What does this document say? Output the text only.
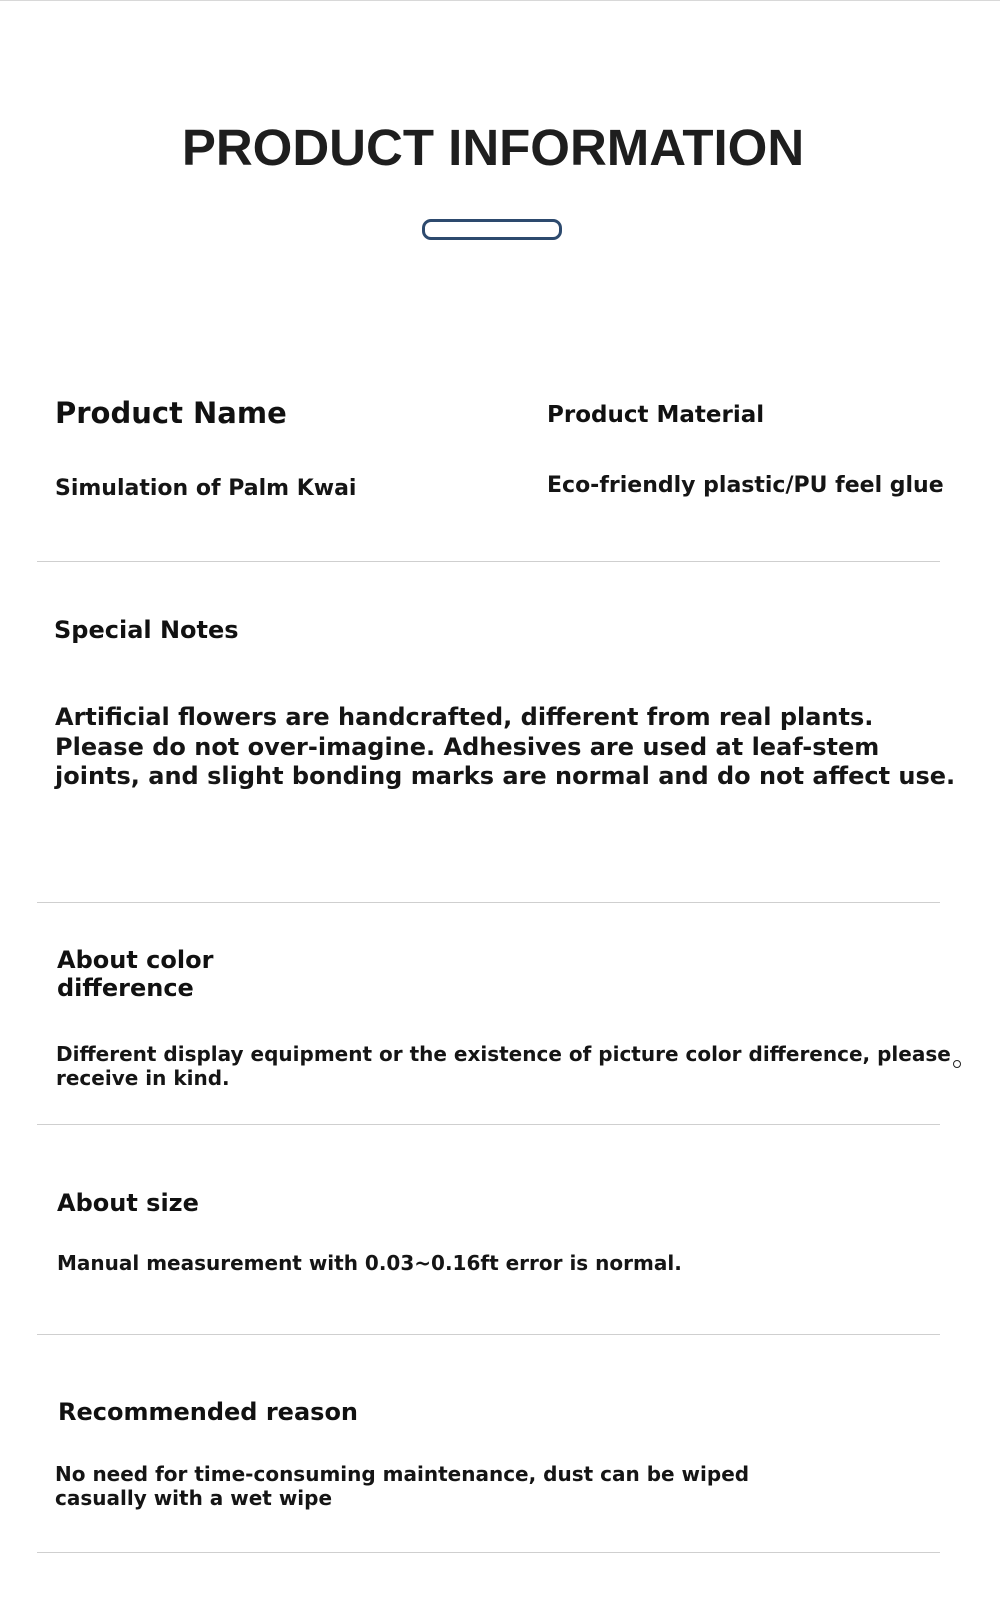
PRODUCT INFORMATION

Product Name

Simulation of Palm Kwai

Product Material

Eco-friendly plastic/PU feel glue

Special Notes

Artificial flowers are handcrafted, different from real plants.
Please do not over-imagine. Adhesives are used at leaf-stem
joints, and slight bonding marks are normal and do not affect use.
About color
difference
Different display equipment or the existence of picture color difference, please
receive in kind.

About size

Manual measurement with 0.03~0.16ft error is normal.

Recommended reason

No need for time-consuming maintenance, dust can be wiped
casually with a wet wipe
